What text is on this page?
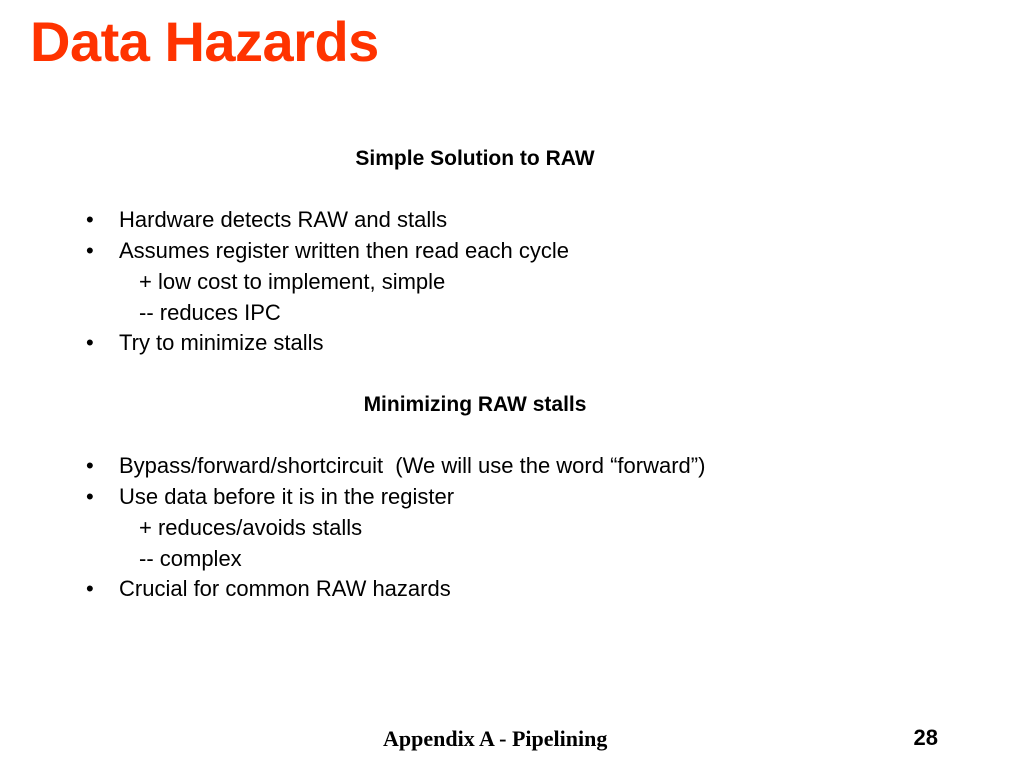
Data Hazards

Simple Solution to RAW

• Hardware detects RAW and stalls
• Assumes register written then read each cycle
+ low cost to implement, simple
-- reduces IPC
• Try to minimize stalls

Minimizing RAW stalls

• Bypass/forward/shortcircuit  (We will use the word “forward”)
• Use data before it is in the register
+ reduces/avoids stalls
-- complex
• Crucial for common RAW hazards
Appendix A - Pipelining	28
